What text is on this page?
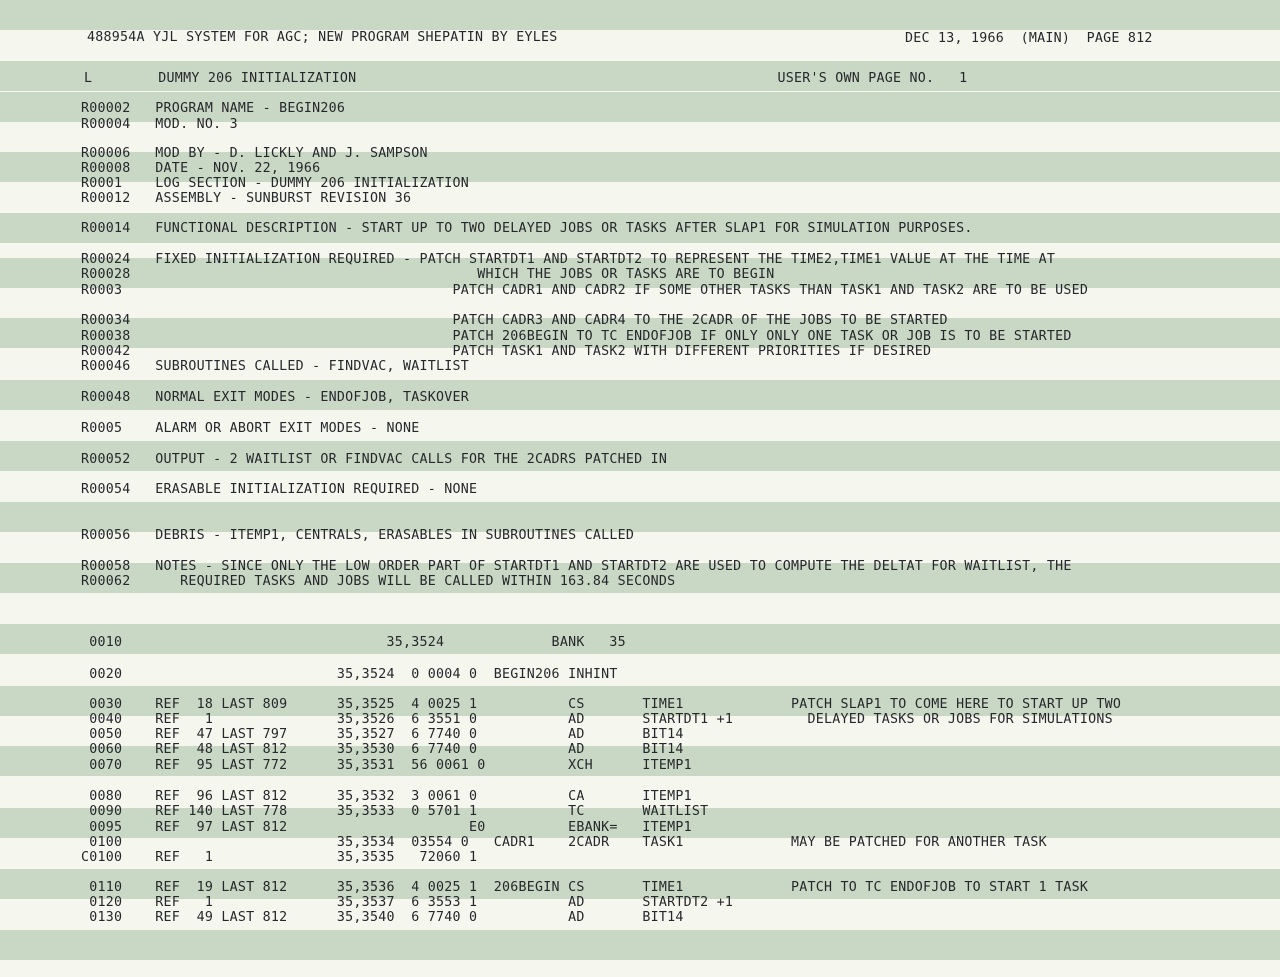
488954A YJL SYSTEM FOR AGC; NEW PROGRAM SHEPATIN BY EYLES	DEC 13, 1966  (MAIN)  PAGE 812

L        DUMMY 206 INITIALIZATION                                                   USER'S OWN PAGE NO.   1

R00002   PROGRAM NAME - BEGIN206

R00004   MOD. NO. 3

R00006   MOD BY - D. LICKLY AND J. SAMPSON

R00008   DATE - NOV. 22, 1966

R0001    LOG SECTION - DUMMY 206 INITIALIZATION

R00012   ASSEMBLY - SUNBURST REVISION 36

R00014   FUNCTIONAL DESCRIPTION - START UP TO TWO DELAYED JOBS OR TASKS AFTER SLAP1 FOR SIMULATION PURPOSES.

R00024   FIXED INITIALIZATION REQUIRED - PATCH STARTDT1 AND STARTDT2 TO REPRESENT THE TIME2,TIME1 VALUE AT THE TIME AT

R00028                                          WHICH THE JOBS OR TASKS ARE TO BEGIN

R0003                                        PATCH CADR1 AND CADR2 IF SOME OTHER TASKS THAN TASK1 AND TASK2 ARE TO BE USED

R00034                                       PATCH CADR3 AND CADR4 TO THE 2CADR OF THE JOBS TO BE STARTED

R00038                                       PATCH 206BEGIN TO TC ENDOFJOB IF ONLY ONLY ONE TASK OR JOB IS TO BE STARTED

R00042                                       PATCH TASK1 AND TASK2 WITH DIFFERENT PRIORITIES IF DESIRED

R00046   SUBROUTINES CALLED - FINDVAC, WAITLIST

R00048   NORMAL EXIT MODES - ENDOFJOB, TASKOVER

R0005    ALARM OR ABORT EXIT MODES - NONE

R00052   OUTPUT - 2 WAITLIST OR FINDVAC CALLS FOR THE 2CADRS PATCHED IN

R00054   ERASABLE INITIALIZATION REQUIRED - NONE

R00056   DEBRIS - ITEMP1, CENTRALS, ERASABLES IN SUBROUTINES CALLED

R00058   NOTES - SINCE ONLY THE LOW ORDER PART OF STARTDT1 AND STARTDT2 ARE USED TO COMPUTE THE DELTAT FOR WAITLIST, THE

R00062      REQUIRED TASKS AND JOBS WILL BE CALLED WITHIN 163.84 SECONDS

0010                                35,3524             BANK   35

0020                          35,3524  0 0004 0  BEGIN206 INHINT

0030    REF  18 LAST 809      35,3525  4 0025 1           CS       TIME1             PATCH SLAP1 TO COME HERE TO START UP TWO

0040    REF   1               35,3526  6 3551 0           AD       STARTDT1 +1         DELAYED TASKS OR JOBS FOR SIMULATIONS

0050    REF  47 LAST 797      35,3527  6 7740 0           AD       BIT14

0060    REF  48 LAST 812      35,3530  6 7740 0           AD       BIT14

0070    REF  95 LAST 772      35,3531  56 0061 0          XCH      ITEMP1

0080    REF  96 LAST 812      35,3532  3 0061 0           CA       ITEMP1

0090    REF 140 LAST 778      35,3533  0 5701 1           TC       WAITLIST

0095    REF  97 LAST 812                      E0          EBANK=   ITEMP1

0100                          35,3534  03554 0   CADR1    2CADR    TASK1             MAY BE PATCHED FOR ANOTHER TASK

C0100    REF   1               35,3535   72060 1

0110    REF  19 LAST 812      35,3536  4 0025 1  206BEGIN CS       TIME1             PATCH TO TC ENDOFJOB TO START 1 TASK

0120    REF   1               35,3537  6 3553 1           AD       STARTDT2 +1

0130    REF  49 LAST 812      35,3540  6 7740 0           AD       BIT14
